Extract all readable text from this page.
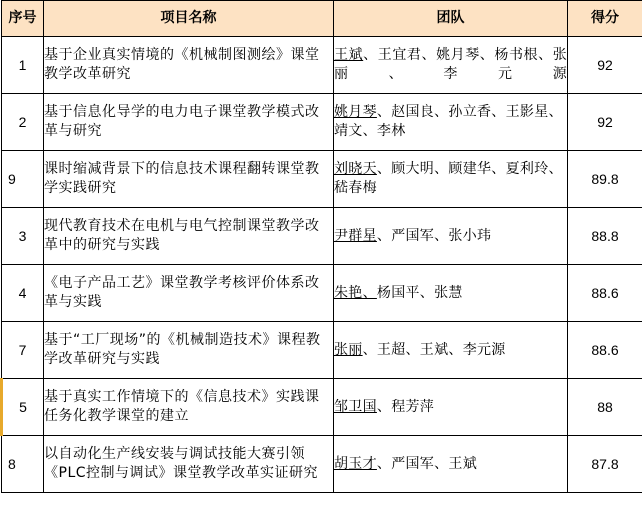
序号	项目名称	团队	得分
1	基于企业真实情境的《机械制图测绘》课堂教学改革研究	王斌、王宜君、姚月琴、杨书根、张　丽、李元源	92
2	基于信息化导学的电力电子课堂教学模式改革与研究	姚月琴、赵国良、孙立香、王影星、靖文、李林	92
9	课时缩减背景下的信息技术课程翻转课堂教学实践研究	刘晓天、顾大明、顾建华、夏利玲、嵇春梅	89.8
3	现代教育技术在电机与电气控制课堂教学改革中的研究与实践	尹群星、严国军、张小玮	88.8
4	《电子产品工艺》课堂教学考核评价体系改革与实践	朱艳、杨国平、张慧	88.6
7	基于“工厂现场”的《机械制造技术》课程教学改革研究与实践	张丽、王超、王斌、李元源	88.6
5	基于真实工作情境下的《信息技术》实践课任务化教学课堂的建立	邹卫国、程芳萍	88
8	以自动化生产线安装与调试技能大赛引领《PLC控制与调试》课堂教学改革实证研究	胡玉才、严国军、王斌	87.8
